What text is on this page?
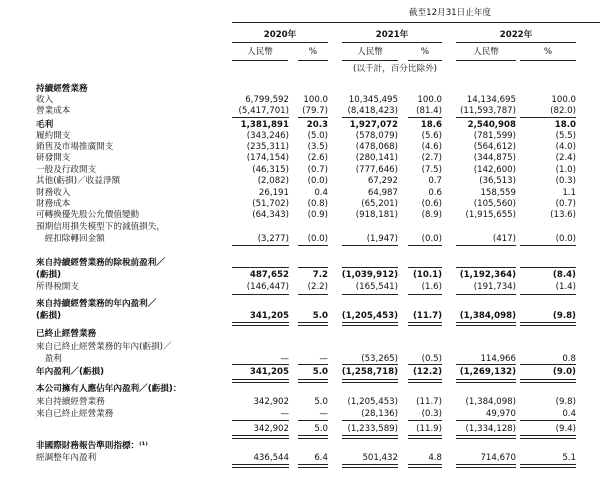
截至12月31日止年度
2020年	2021年	2022年
人民幣	%	人民幣	%	人民幣	%
(以千計，百分比除外)
持續經營業務
收入	6,799,592	100.0	10,345,495	100.0	14,134,695	100.0
營業成本	(5,417,701)	(79.7)	(8,418,423)	(81.4)	(11,593,787)	(82.0)
毛利	1,381,891	20.3	1,927,072	18.6	2,540,908	18.0
履約開支	(343,246)	(5.0)	(578,079)	(5.6)	(781,599)	(5.5)
銷售及市場推廣開支	(235,311)	(3.5)	(478,068)	(4.6)	(564,612)	(4.0)
研發開支	(174,154)	(2.6)	(280,141)	(2.7)	(344,875)	(2.4)
一般及行政開支	(46,315)	(0.7)	(777,646)	(7.5)	(142,600)	(1.0)
其他(虧損)／收益淨額	(2,082)	(0.0)	67,292	0.7	(36,513)	(0.3)
財務收入	26,191	0.4	64,987	0.6	158,559	1.1
財務成本	(51,702)	(0.8)	(65,201)	(0.6)	(105,560)	(0.7)
可轉換優先股公允價值變動	(64,343)	(0.9)	(918,181)	(8.9)	(1,915,655)	(13.6)
預期信用損失模型下的減值損失，
　經扣除轉回金額	(3,277)	(0.0)	(1,947)	(0.0)	(417)	(0.0)
來自持續經營業務的除稅前盈利／
(虧損)	487,652	7.2	(1,039,912)	(10.1)	(1,192,364)	(8.4)
所得稅開支	(146,447)	(2.2)	(165,541)	(1.6)	(191,734)	(1.4)
來自持續經營業務的年內盈利／
(虧損)	341,205	5.0	(1,205,453)	(11.7)	(1,384,098)	(9.8)
已終止經營業務
來自已終止經營業務的年內(虧損)／
　盈利	—	—	(53,265)	(0.5)	114,966	0.8
年內盈利／(虧損)	341,205	5.0	(1,258,718)	(12.2)	(1,269,132)	(9.0)
本公司擁有人應佔年內盈利／(虧損)：
來自持續經營業務	342,902	5.0	(1,205,453)	(11.7)	(1,384,098)	(9.8)
來自已終止經營業務	—	—	(28,136)	(0.3)	49,970	0.4
342,902	5.0	(1,233,589)	(11.9)	(1,334,128)	(9.4)
非國際財務報告準則指標：⁽¹⁾
經調整年內盈利	436,544	6.4	501,432	4.8	714,670	5.1
